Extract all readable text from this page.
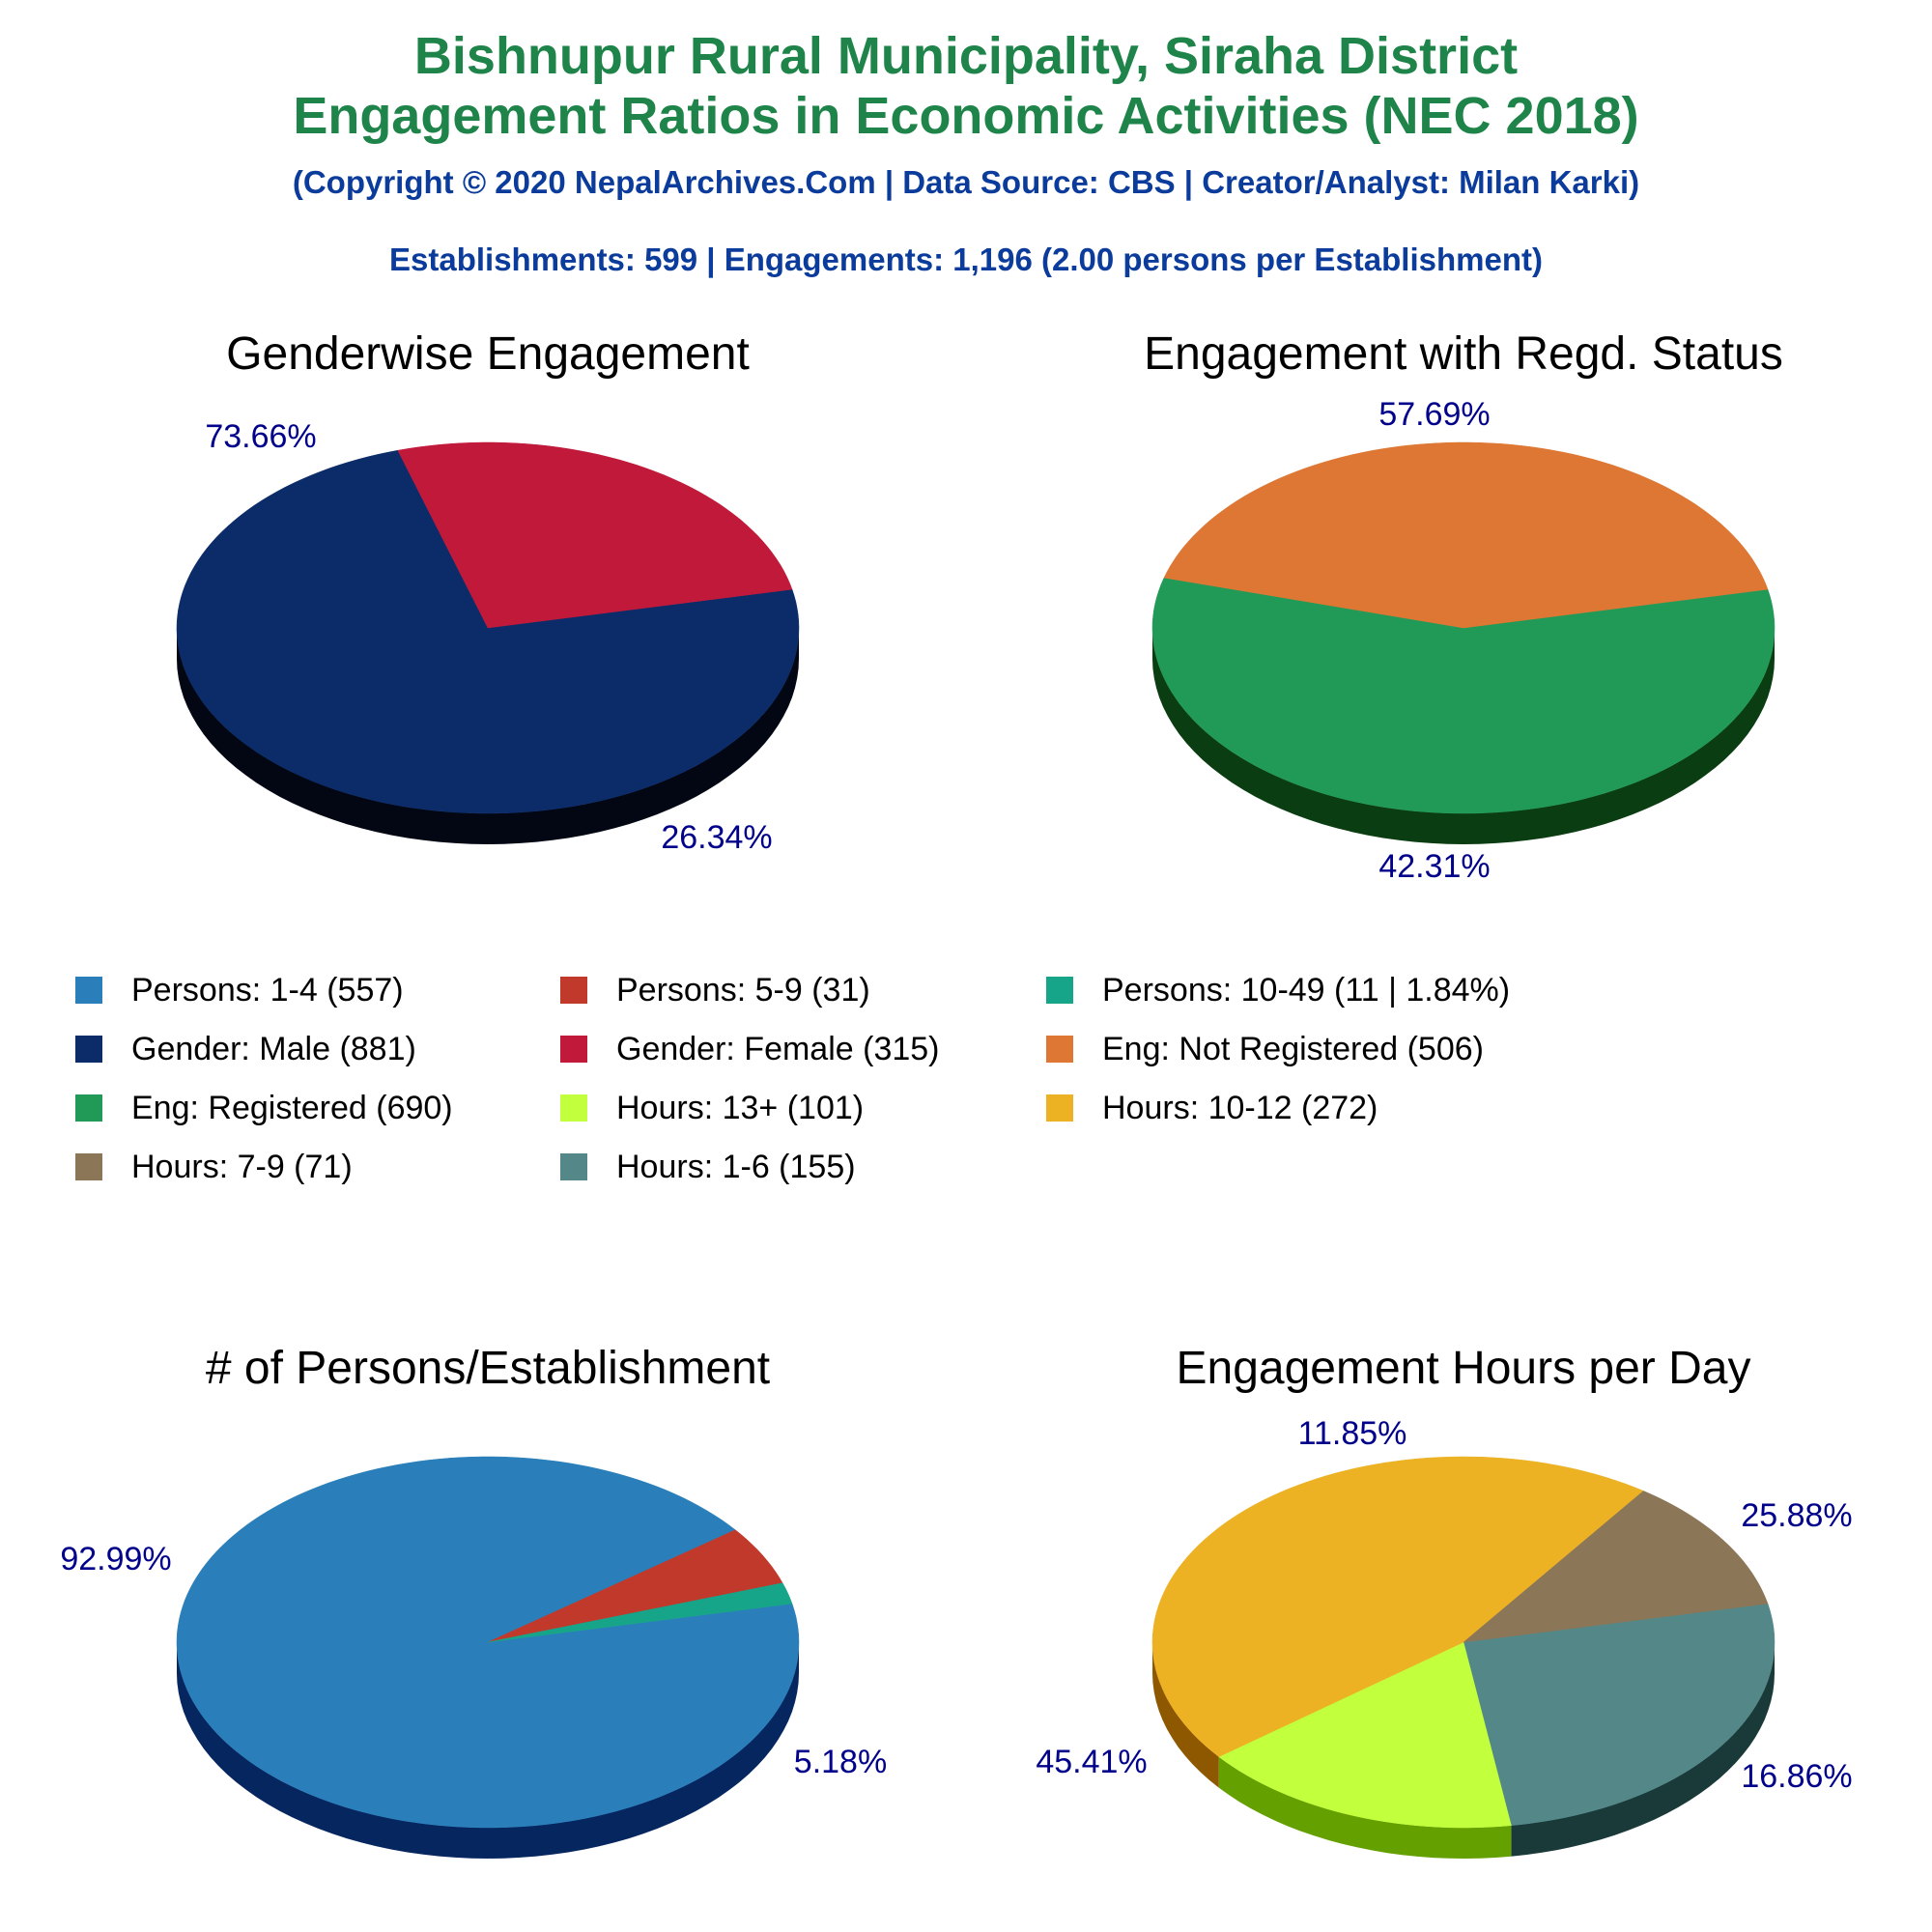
Bishnupur Rural Municipality, Siraha District
Engagement Ratios in Economic Activities (NEC 2018)
(Copyright © 2020 NepalArchives.Com | Data Source: CBS | Creator/Analyst: Milan Karki)
Establishments: 599 | Engagements: 1,196 (2.00 persons per Establishment)
Genderwise Engagement
73.66%
26.34%
Engagement with Regd. Status
57.69%
42.31%
# of Persons/Establishment
92.99%
5.18%
Engagement Hours per Day
25.88%
16.86%
45.41%
11.85%
Persons: 1-4 (557)	Persons: 5-9 (31)	Persons: 10-49 (11 | 1.84%)
Gender: Male (881)	Gender: Female (315)	Eng: Not Registered (506)
Eng: Registered (690)	Hours: 13+ (101)	Hours: 10-12 (272)
Hours: 7-9 (71)	Hours: 1-6 (155)
